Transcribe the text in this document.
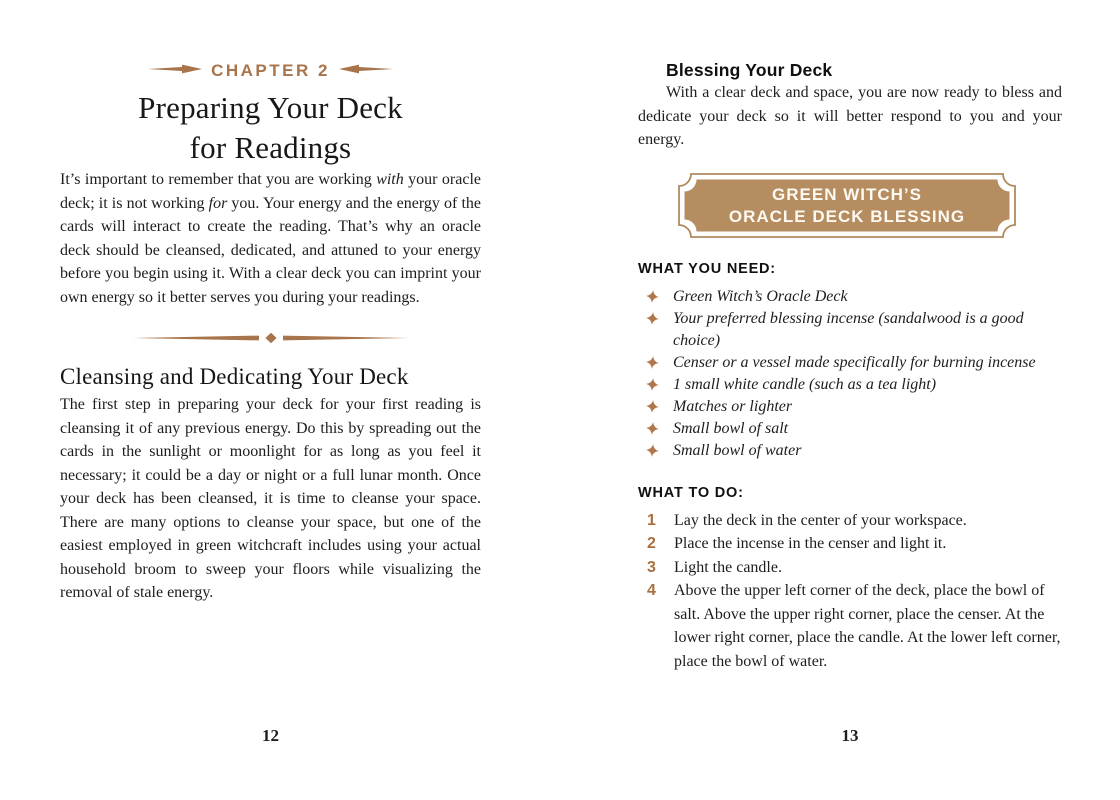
CHAPTER 2
Preparing Your Deck
for Readings

It’s important to remember that you are working with your oracle deck; it is not working for you. Your energy and the energy of the cards will interact to create the reading. That’s why an oracle deck should be cleansed, dedicated, and attuned to your energy before you begin using it. With a clear deck you can imprint your own energy so it better serves you during your readings.

Cleansing and Dedicating Your Deck

The first step in preparing your deck for your first reading is cleansing it of any previous energy. Do this by spreading out the cards in the sunlight or moonlight for as long as you feel it necessary; it could be a day or night or a full lunar month. Once your deck has been cleansed, it is time to cleanse your space. There are many options to cleanse your space, but one of the easiest employed in green witchcraft includes using your actual household broom to sweep your floors while visualizing the removal of stale energy.

12
Blessing Your Deck

With a clear deck and space, you are now ready to bless and dedicate your deck so it will better respond to you and your energy.

GREEN WITCH’S
ORACLE DECK BLESSING
WHAT YOU NEED:
Green Witch’s Oracle Deck
Your preferred blessing incense (sandalwood is a good choice)
Censer or a vessel made specifically for burning incense
1 small white candle (such as a tea light)
Matches or lighter
Small bowl of salt
Small bowl of water
WHAT TO DO:
1	Lay the deck in the center of your workspace.
2	Place the incense in the censer and light it.
3	Light the candle.
4	Above the upper left corner of the deck, place the bowl of salt. Above the upper right corner, place the censer. At the lower right corner, place the candle. At the lower left corner, place the bowl of water.
13
